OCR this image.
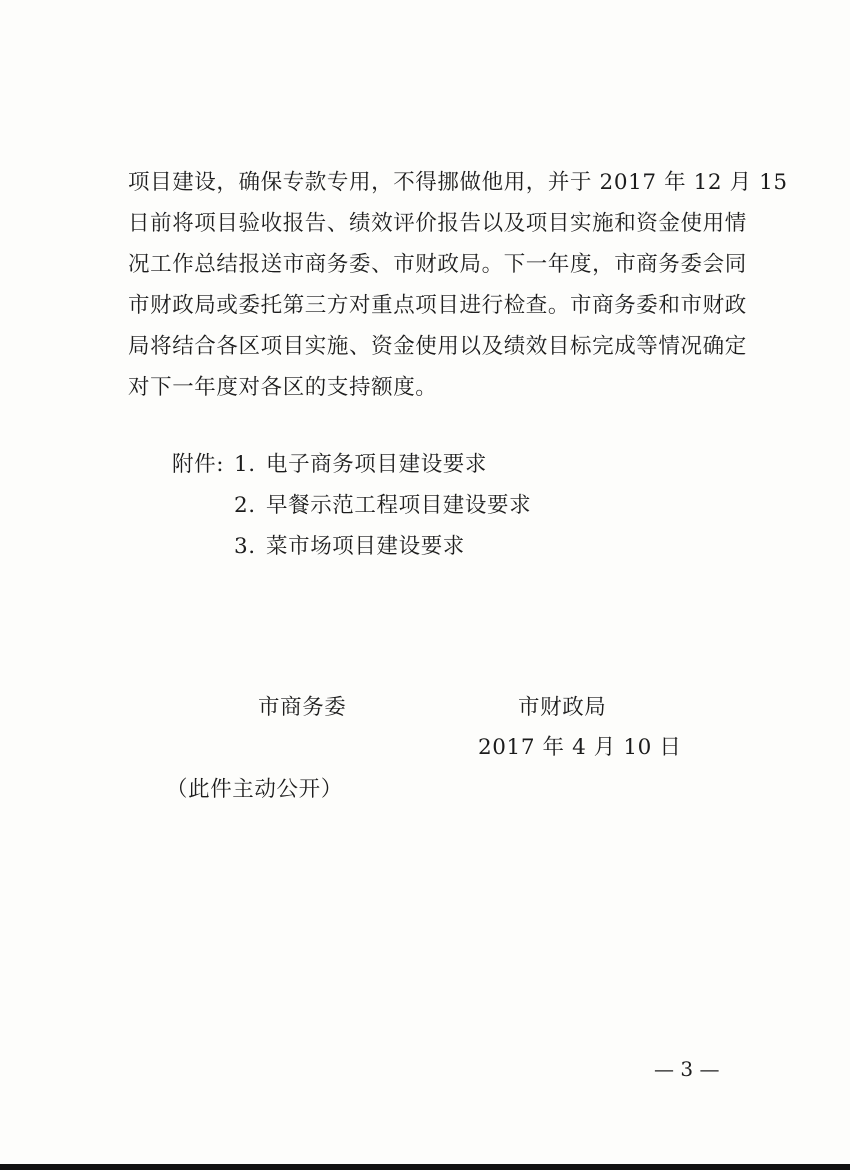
项目建设，确保专款专用，不得挪做他用，并于 2017 年 12 月 15
日前将项目验收报告、绩效评价报告以及项目实施和资金使用情
况工作总结报送市商务委、市财政局。下一年度，市商务委会同
市财政局或委托第三方对重点项目进行检查。市商务委和市财政
局将结合各区项目实施、资金使用以及绩效目标完成等情况确定
对下一年度对各区的支持额度。
附件: 1. 电子商务项目建设要求
2. 早餐示范工程项目建设要求
3. 菜市场项目建设要求
市商务委	市财政局
2017 年 4 月 10 日
（此件主动公开）
— 3 —
